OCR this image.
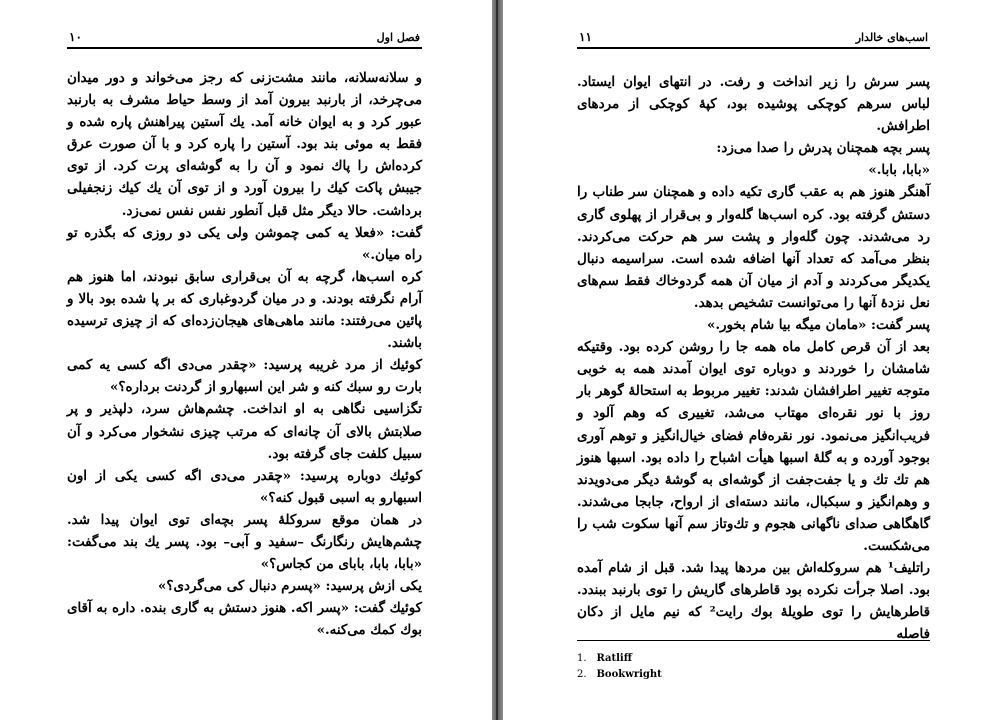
فصل اول
۱۰

و سلانه‌سلانه، مانند مشت‌زنی که رجز می‌خواند و دور میدان می‌چرخد، از بارنبد بیرون آمد از وسط حیاط مشرف به بارنبد عبور کرد و به ایوان خانه آمد. یك آستین پیراهنش پاره شده و فقط به موئی بند بود. آستین را پاره کرد و با آن صورت عرق کرده‌اش را پاك نمود و آن را به گوشه‌ای پرت کرد. از توی جیبش پاکت کیك را بیرون آورد و از توی آن یك کیك زنجفیلی برداشت. حالا دیگر مثل قبل آنطور نفس نفس نمی‌زد.

گفت: «فعلا یه کمی چموشن ولی یکی دو روزی که بگذره تو راه میان.»

کره اسب‌ها، گرچه به آن بی‌قراری سابق نبودند، اما هنوز هم آرام نگرفته بودند. و در میان گردوغباری که بر پا شده بود بالا و پائین می‌رفتند: مانند ماهی‌های هیجان‌زده‌ای که از چیزی ترسیده باشند.

کوئیك از مرد غریبه پرسید: «چقدر می‌دی اگه کسی یه کمی بارت رو سبك کنه و شر این اسبهارو از گردنت برداره؟»

تگزاسیی نگاهی به او انداخت. چشم‌هاش سرد، دلپذیر و پر صلابتش بالای آن چانه‌ای که مرتب چیزی نشخوار می‌کرد و آن سبیل کلفت جای گرفته بود.

کوئیك دوباره پرسید: «چقدر می‌دی اگه کسی یکی از اون اسبهارو به اسبی قبول کنه؟»

در همان موقع سروکلهٔ پسر بچه‌ای توی ایوان پیدا شد. چشم‌هایش رنگارنگ –سفید و آبی– بود. پسر یك بند می‌گفت: «بابا، بابا، بابای من کجاس؟»

یکی ازش پرسید: «پسرم دنبال کی می‌گردی؟»

کوئیك گفت: «پسر اکه. هنوز دستش به گاری بنده. داره به آقای بوك کمك می‌کنه.»

اسب‌های خالدار
۱۱

پسر سرش را زیر انداخت و رفت. در انتهای ایوان ایستاد. لباس سرهم کوچکی پوشیده بود، کپهٔ کوچکی از مردهای اطرافش.

پسر بچه همچنان پدرش را صدا می‌زد:

«بابا، بابا.»

آهنگر هنوز هم به عقب گاری تکیه داده و همچنان سر طناب را دستش گرفته بود. کره اسب‌ها گله‌وار و بی‌قرار از پهلوی گاری رد می‌شدند. چون گله‌وار و پشت سر هم حرکت می‌کردند. بنظر می‌آمد که تعداد آنها اضافه شده است. سراسیمه دنبال یکدیگر می‌کردند و آدم از میان آن همه گردوخاك فقط سم‌های نعل نزدهٔ آنها را می‌توانست تشخیص بدهد.

پسر گفت: «مامان میگه بیا شام بخور.»

بعد از آن قرص کامل ماه همه جا را روشن کرده بود. وقتیکه شامشان را خوردند و دوباره توی ایوان آمدند همه به خوبی متوجه تغییر اطرافشان شدند: تغییر مربوط به استحالهٔ گوهر بار روز با نور نقره‌ای مهتاب می‌شد، تغییری که وهم آلود و فریب‌انگیز می‌نمود. نور نقره‌فام فضای خیال‌انگیز و توهم آوری بوجود آورده و به گلهٔ اسبها هیأت اشباح را داده بود. اسبها هنوز هم تك تك و یا جفت‌جفت از گوشه‌ای به گوشهٔ دیگر می‌دویدند و وهم‌انگیز و سبکبال، مانند دسته‌ای از ارواح، جابجا می‌شدند. گاهگاهی صدای ناگهانی هجوم و تك‌وتاز سم آنها سکوت شب را می‌شکست.

راتلیف¹ هم سروکله‌اش بین مردها پیدا شد. قبل از شام آمده بود. اصلا جرأت نکرده بود قاطرهای گاریش را توی بارنبد ببندد. قاطرهایش را توی طویلهٔ بوك رایت² که نیم مایل از دکان فاصله

1. Ratliff
2. Bookwright
